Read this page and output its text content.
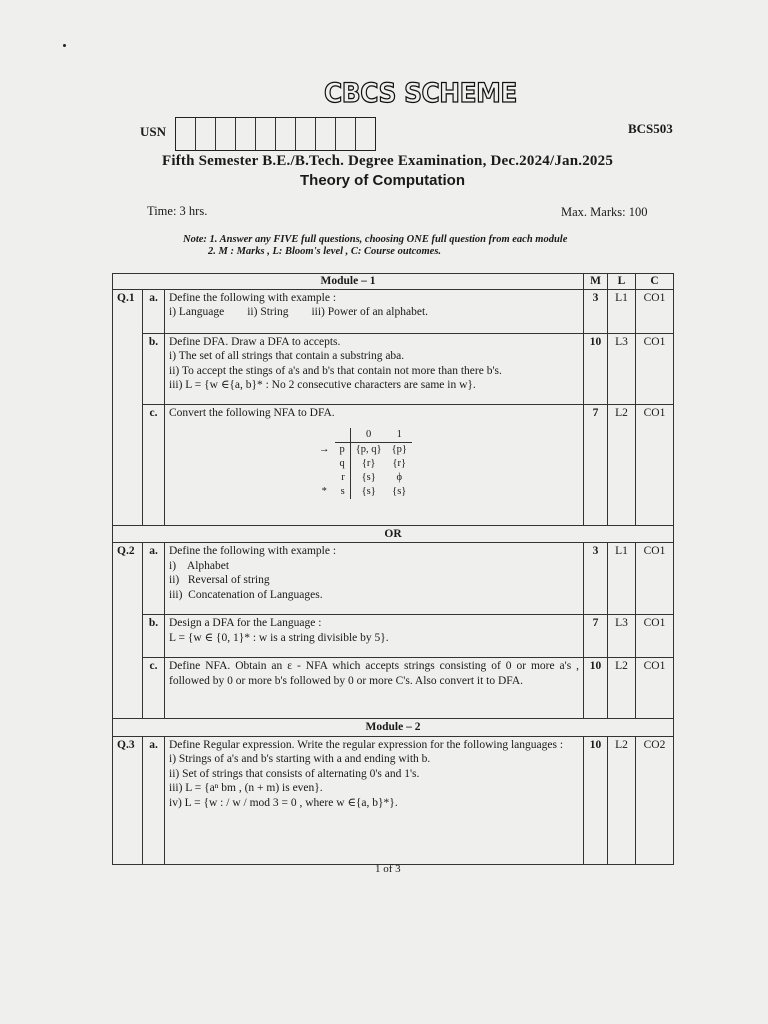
CBCS SCHEME
USN	BCS503
Fifth Semester B.E./B.Tech. Degree Examination, Dec.2024/Jan.2025
Theory of Computation
Time: 3 hrs.	Max. Marks: 100
Note: 1. Answer any FIVE full questions, choosing ONE full question from each module
2. M : Marks , L: Bloom's level , C: Course outcomes.
Module – 1	M	L	C
Q.1	a.	Define the following with example :
i) Language        ii) String        iii) Power of an alphabet.
	3	L1	CO1
b.	Define DFA. Draw a DFA to accepts.
i) The set of all strings that contain a substring aba.
ii) To accept the stings of a's and b's that contain not more than there b's.
iii) L = {w ∈{a, b}* : No 2 consecutive characters are same in w}.
	10	L3	CO1
c.	Convert the following NFA to DFA.
		0	1
→	p	{p, q}	{p}
	q	{r}	{r}
	r	{s}	ϕ
*	s	{s}	{s}
	7	L2	CO1
OR
Q.2	a.	Define the following with example :
i)    Alphabet
ii)   Reversal of string
iii)  Concatenation of Languages.
	3	L1	CO1
b.	Design a DFA for the Language :
L = {w ∈ {0, 1}* : w is a string divisible by 5}.
	7	L3	CO1
c.	Define NFA. Obtain an ε - NFA which accepts strings consisting of 0 or more a's , followed by 0 or more b's followed by 0 or more C's. Also convert it to DFA.	10	L2	CO1
Module – 2
Q.3	a.	Define Regular expression. Write the regular expression for the following languages :
i) Strings of a's and b's starting with a and ending with b.
ii) Set of strings that consists of alternating 0's and 1's.
iii) L = {aⁿ bm , (n + m) is even}.
iv) L = {w : / w / mod 3 = 0 , where w ∈{a, b}*}.
	10	L2	CO2
1 of 3
